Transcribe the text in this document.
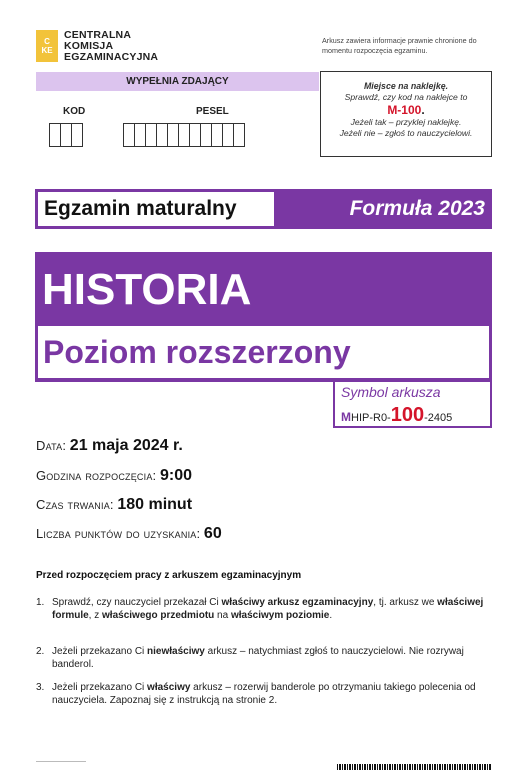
C
KE
CENTRALNA
KOMISJA
EGZAMINACYJNA
Arkusz zawiera informacje prawnie chronione do momentu rozpoczęcia egzaminu.
WYPEŁNIA ZDAJĄCY
KOD	PESEL
Miejsce na naklejkę.
Sprawdź, czy kod na naklejce to
M-100.
Jeżeli tak – przyklej naklejkę.
Jeżeli nie – zgłoś to nauczycielowi.
Egzamin maturalny	Formuła 2023
HISTORIA
Poziom rozszerzony
Symbol arkusza
MHIP-R0-100-2405
Data: 21 maja 2024 r.
Godzina rozpoczęcia: 9:00
Czas trwania: 180 minut
Liczba punktów do uzyskania: 60
Przed rozpoczęciem pracy z arkuszem egzaminacyjnym
1. Sprawdź, czy nauczyciel przekazał Ci właściwy arkusz egzaminacyjny, tj. arkusz we właściwej formule, z właściwego przedmiotu na właściwym poziomie.
2. Jeżeli przekazano Ci niewłaściwy arkusz – natychmiast zgłoś to nauczycielowi. Nie rozrywaj banderol.
3. Jeżeli przekazano Ci właściwy arkusz – rozerwij banderole po otrzymaniu takiego polecenia od nauczyciela. Zapoznaj się z instrukcją na stronie 2.
